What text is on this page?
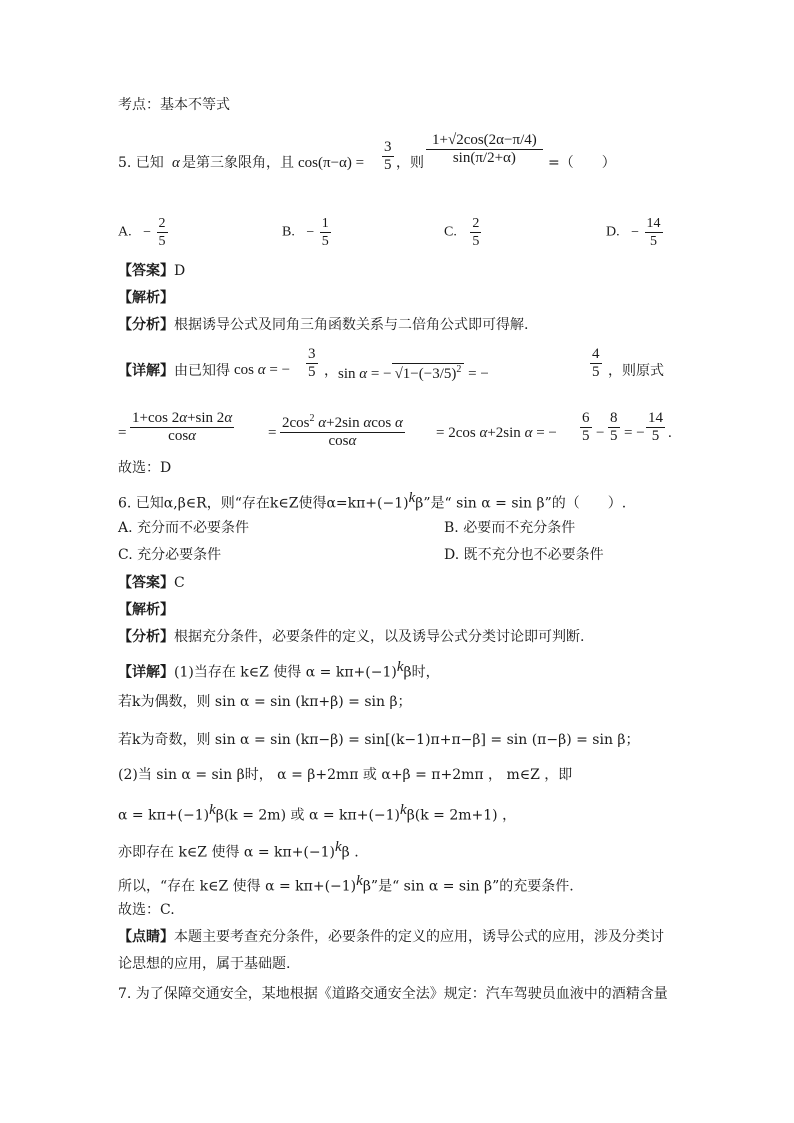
考点：基本不等式
5. 已知 α 是第三象限角，且 $\cos(\pi-\alpha) = \frac{3}{5}$ ，则 $\frac{1+√2\cos(2\alpha-\pi/4)}{\sin(\pi/2+\alpha)}$ =（　　）
A. − $\frac{2}{5}$	B. − $\frac{1}{5}$	C. $\frac{2}{5}$	D. − $\frac{14}{5}$
【答案】D
【解析】
【分析】根据诱导公式及同角三角函数关系与二倍角公式即可得解.
【详解】 由已知得 cos α = − $\frac{3}{5}$ ， sin α = − $√1-(-3/5)^2$ = −	$\frac{4}{5}$ ，则原式
= $\frac{1+\cos 2\alpha+\sin 2\alpha}{\cos\alpha} = \frac{2\cos^2 \alpha+2\sin \alpha\cos \alpha}{\cos\alpha} = 2\cos$ α+2sin α = − $\frac{6}{5} - \frac{8}{5}$ = − $\frac{14}{5}$ .
故选：D
6. 已知α,β∈R，则“存在k∈Z使得$\alpha=k\pi+(-1)^k\beta$”是“ sin α = sin β”的（　　）.
A. 充分而不必要条件	B. 必要而不充分条件
C. 充分必要条件	D. 既不充分也不必要条件
【答案】C
【解析】
【分析】根据充分条件，必要条件的定义，以及诱导公式分类讨论即可判断.
【详解】(1)当存在 k∈Z 使得 $\alpha = k\pi+(-1)^k\beta$时，
若k为偶数，则 sin α = sin (kπ+β) = sin β；
若k为奇数，则 sin α = sin (kπ−β) = sin[(k−1)π+π−β] = sin (π−β) = sin β；
(2)当 sin α = sin β时， α = β+2mπ 或 α+β = π+2mπ ， m∈Z ，即
$\alpha = k\pi+(-1)^k\beta(k = 2m)$ 或 $\alpha = k\pi+(-1)^k\beta(k = 2m+1)$ ，
亦即存在 k∈Z 使得 $\alpha = k\pi+(-1)^k\beta$ .
所以，“存在 k∈Z 使得 $\alpha = k\pi+(-1)^k\beta$”是“ sin α = sin β”的充要条件.
故选：C.
【点睛】本题主要考查充分条件，必要条件的定义的应用，诱导公式的应用，涉及分类讨
论思想的应用，属于基础题.
7. 为了保障交通安全，某地根据《道路交通安全法》规定：汽车驾驶员血液中的酒精含量
